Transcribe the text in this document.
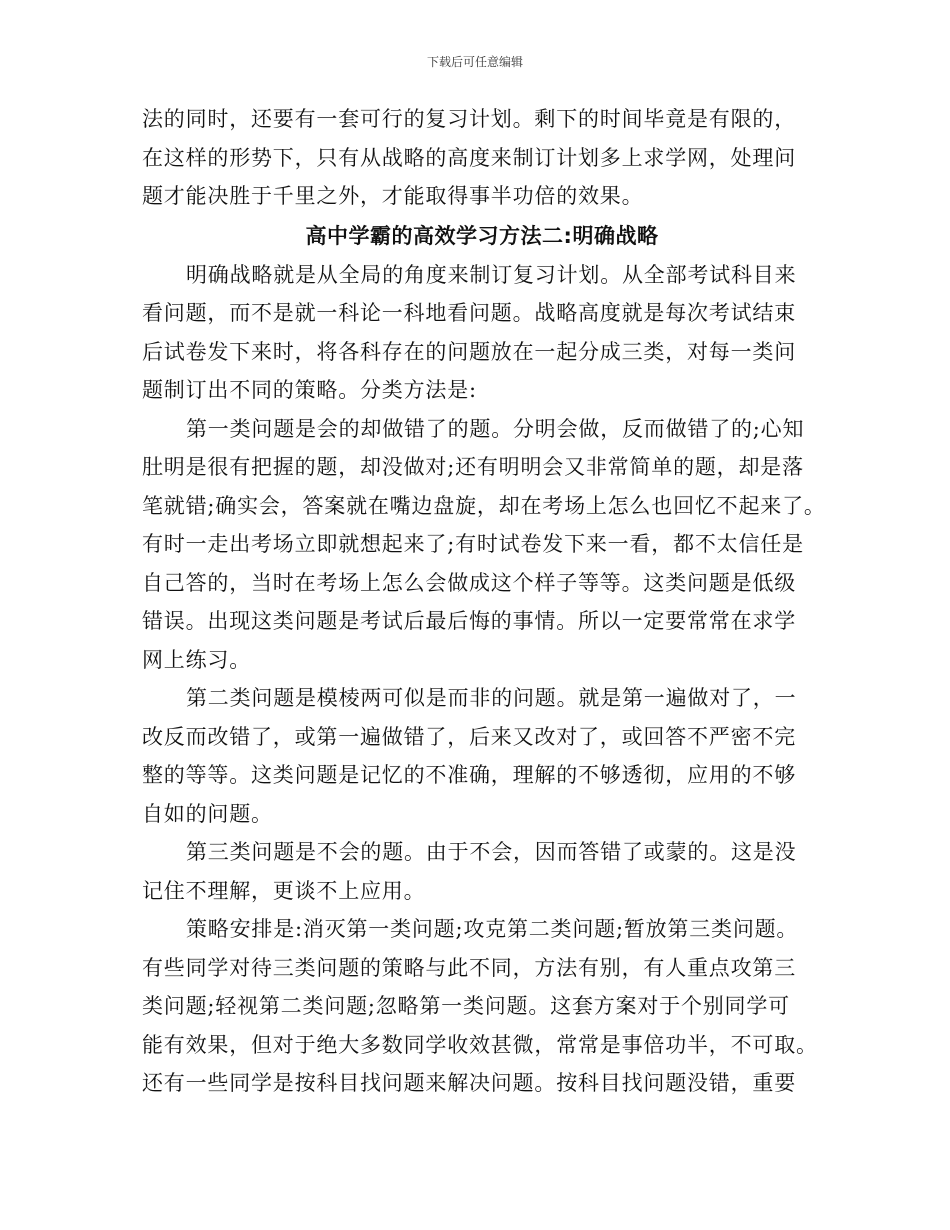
下载后可任意编辑
法的同时，还要有一套可行的复习计划。剩下的时间毕竟是有限的，
在这样的形势下，只有从战略的高度来制订计划多上求学网，处理问
题才能决胜于千里之外，才能取得事半功倍的效果。
高中学霸的高效学习方法二:明确战略
明确战略就是从全局的角度来制订复习计划。从全部考试科目来
看问题，而不是就一科论一科地看问题。战略高度就是每次考试结束
后试卷发下来时，将各科存在的问题放在一起分成三类，对每一类问
题制订出不同的策略。分类方法是:
第一类问题是会的却做错了的题。分明会做，反而做错了的;心知
肚明是很有把握的题，却没做对;还有明明会又非常简单的题，却是落
笔就错;确实会，答案就在嘴边盘旋，却在考场上怎么也回忆不起来了。
有时一走出考场立即就想起来了;有时试卷发下来一看，都不太信任是
自己答的，当时在考场上怎么会做成这个样子等等。这类问题是低级
错误。出现这类问题是考试后最后悔的事情。所以一定要常常在求学
网上练习。
第二类问题是模棱两可似是而非的问题。就是第一遍做对了，一
改反而改错了，或第一遍做错了，后来又改对了，或回答不严密不完
整的等等。这类问题是记忆的不准确，理解的不够透彻，应用的不够
自如的问题。
第三类问题是不会的题。由于不会，因而答错了或蒙的。这是没
记住不理解，更谈不上应用。
策略安排是:消灭第一类问题;攻克第二类问题;暂放第三类问题。
有些同学对待三类问题的策略与此不同，方法有别，有人重点攻第三
类问题;轻视第二类问题;忽略第一类问题。这套方案对于个别同学可
能有效果，但对于绝大多数同学收效甚微，常常是事倍功半，不可取。
还有一些同学是按科目找问题来解决问题。按科目找问题没错，重要
